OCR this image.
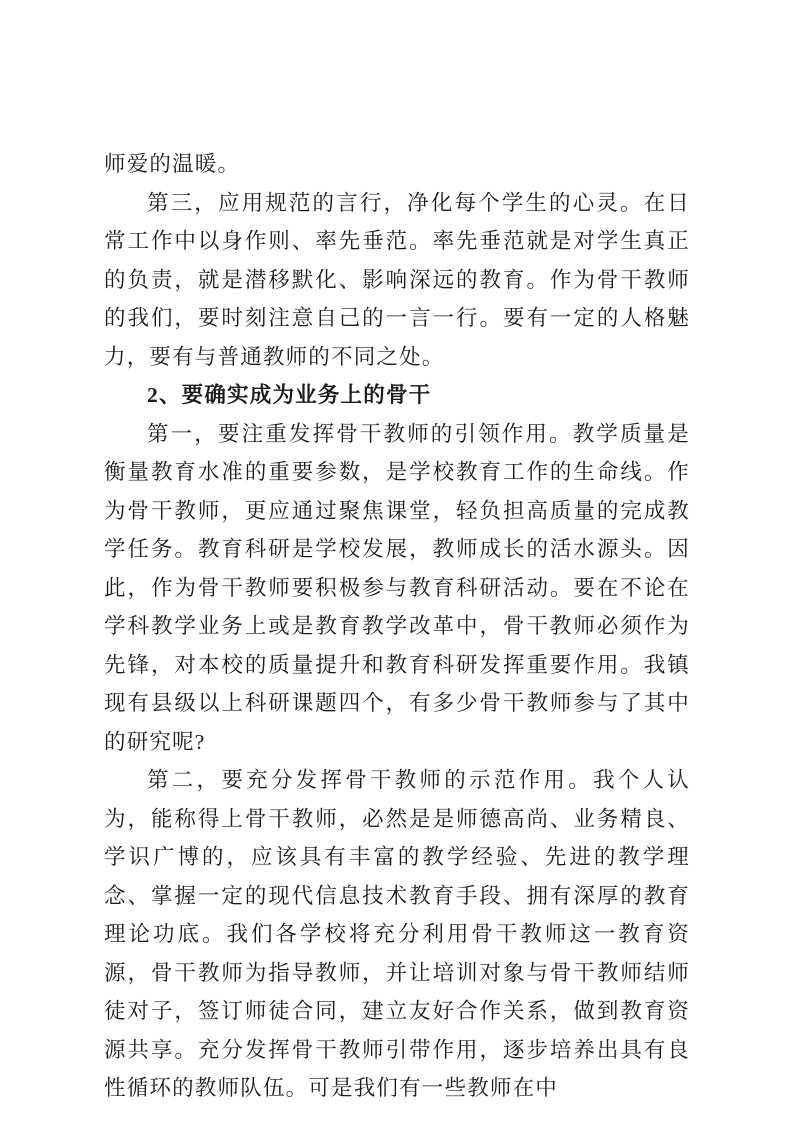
师爱的温暖。

第三，应用规范的言行，净化每个学生的心灵。在日常工作中以身作则、率先垂范。率先垂范就是对学生真正的负责，就是潜移默化、影响深远的教育。作为骨干教师的我们，要时刻注意自己的一言一行。要有一定的人格魅力，要有与普通教师的不同之处。

2、要确实成为业务上的骨干

第一，要注重发挥骨干教师的引领作用。教学质量是衡量教育水准的重要参数，是学校教育工作的生命线。作为骨干教师，更应通过聚焦课堂，轻负担高质量的完成教学任务。教育科研是学校发展，教师成长的活水源头。因此，作为骨干教师要积极参与教育科研活动。要在不论在学科教学业务上或是教育教学改革中，骨干教师必须作为先锋，对本校的质量提升和教育科研发挥重要作用。我镇现有县级以上科研课题四个，有多少骨干教师参与了其中的研究呢?

第二，要充分发挥骨干教师的示范作用。我个人认为，能称得上骨干教师，必然是是师德高尚、业务精良、学识广博的，应该具有丰富的教学经验、先进的教学理念、掌握一定的现代信息技术教育手段、拥有深厚的教育理论功底。我们各学校将充分利用骨干教师这一教育资源，骨干教师为指导教师，并让培训对象与骨干教师结师徒对子，签订师徒合同，建立友好合作关系，做到教育资源共享。充分发挥骨干教师引带作用，逐步培养出具有良性循环的教师队伍。可是我们有一些教师在中
